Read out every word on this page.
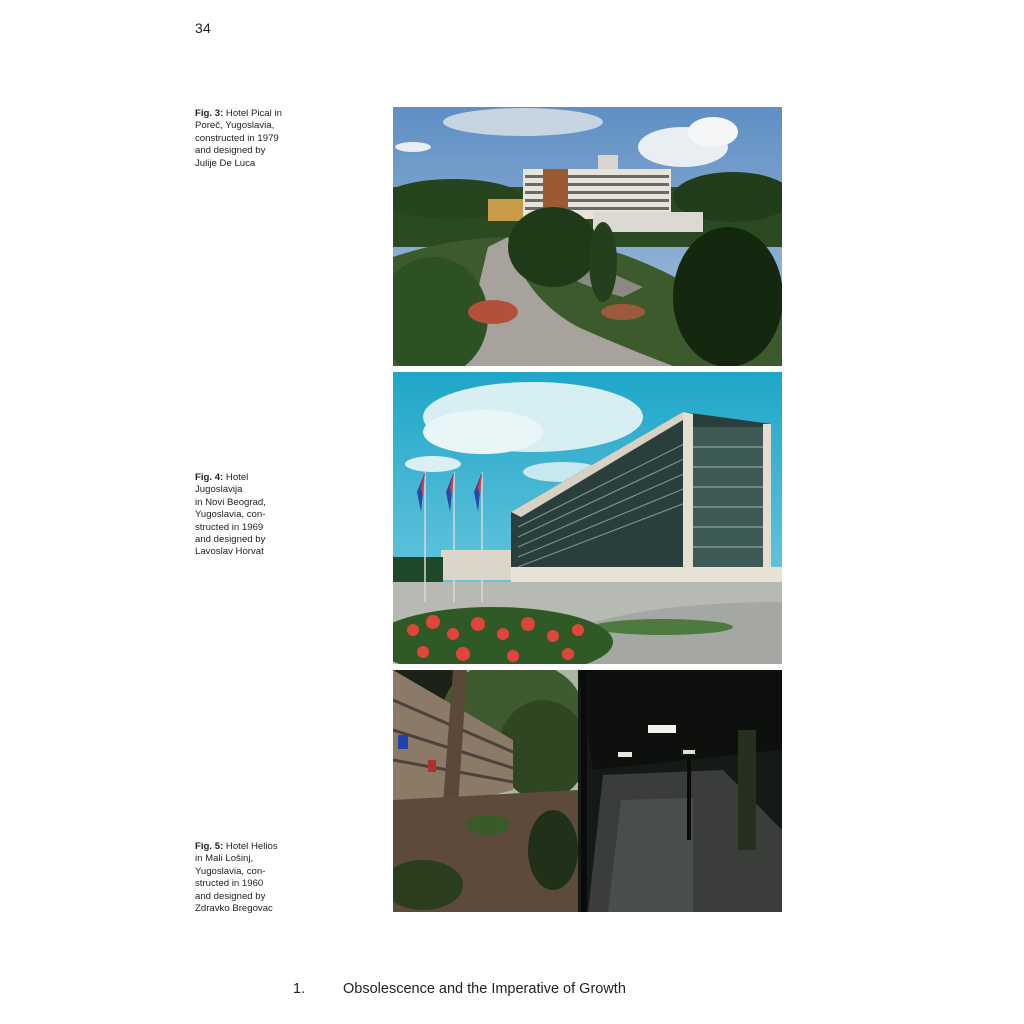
34
Fig. 3: Hotel Pical in
Poreč, Yugoslavia,
constructed in 1979
and designed by
Julije De Luca
Fig. 4: Hotel
Jugoslavija
in Novi Beograd,
Yugoslavia, con-
structed in 1969
and designed by
Lavoslav Horvat
Fig. 5: Hotel Helios
in Mali Lošinj,
Yugoslavia, con-
structed in 1960
and designed by
Zdravko Bregovac
1.	Obsolescence and the Imperative of Growth
